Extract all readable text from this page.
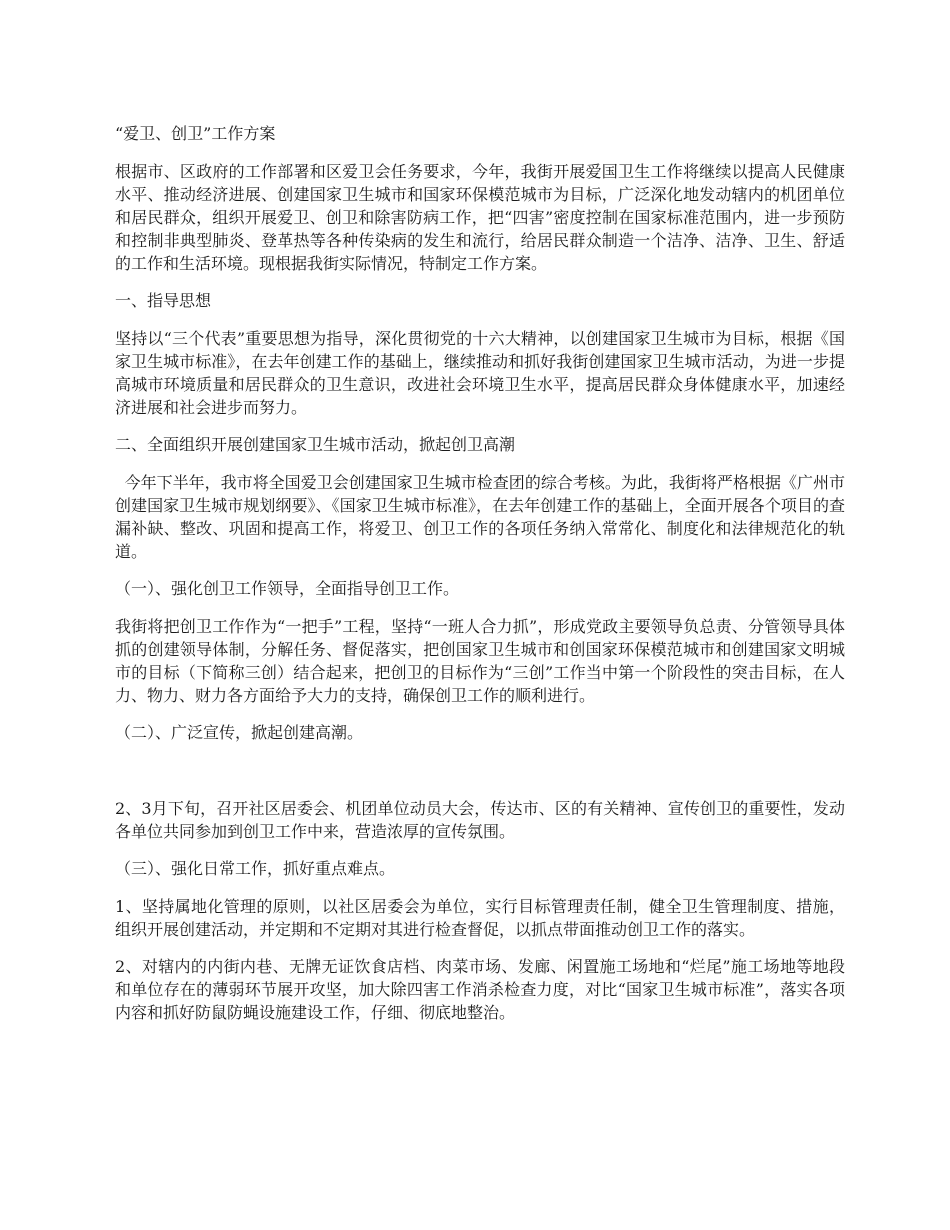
“爱卫、创卫”工作方案

根据市、区政府的工作部署和区爱卫会任务要求，今年，我街开展爱国卫生工作将继续以提高人民健康水平、推动经济进展、创建国家卫生城市和国家环保模范城市为目标，广泛深化地发动辖内的机团单位和居民群众，组织开展爱卫、创卫和除害防病工作，把“四害”密度控制在国家标准范围内，进一步预防和控制非典型肺炎、登革热等各种传染病的发生和流行，给居民群众制造一个洁净、洁净、卫生、舒适的工作和生活环境。现根据我街实际情况，特制定工作方案。

一、指导思想

坚持以“三个代表”重要思想为指导，深化贯彻党的十六大精神，以创建国家卫生城市为目标，根据《国家卫生城市标准》，在去年创建工作的基础上，继续推动和抓好我街创建国家卫生城市活动，为进一步提高城市环境质量和居民群众的卫生意识，改进社会环境卫生水平，提高居民群众身体健康水平，加速经济进展和社会进步而努力。

二、全面组织开展创建国家卫生城市活动，掀起创卫高潮

今年下半年，我市将全国爱卫会创建国家卫生城市检查团的综合考核。为此，我街将严格根据《广州市创建国家卫生城市规划纲要》、《国家卫生城市标准》，在去年创建工作的基础上，全面开展各个项目的查漏补缺、整改、巩固和提高工作，将爱卫、创卫工作的各项任务纳入常常化、制度化和法律规范化的轨道。

（一）、强化创卫工作领导，全面指导创卫工作。

我街将把创卫工作作为“一把手”工程，坚持“一班人合力抓”，形成党政主要领导负总责、分管领导具体抓的创建领导体制，分解任务、督促落实，把创国家卫生城市和创国家环保模范城市和创建国家文明城市的目标（下简称三创）结合起来，把创卫的目标作为“三创”工作当中第一个阶段性的突击目标，在人力、物力、财力各方面给予大力的支持，确保创卫工作的顺利进行。

（二）、广泛宣传，掀起创建高潮。

2、3月下旬，召开社区居委会、机团单位动员大会，传达市、区的有关精神、宣传创卫的重要性，发动各单位共同参加到创卫工作中来，营造浓厚的宣传氛围。

（三）、强化日常工作，抓好重点难点。

1、坚持属地化管理的原则，以社区居委会为单位，实行目标管理责任制，健全卫生管理制度、措施，组织开展创建活动，并定期和不定期对其进行检查督促，以抓点带面推动创卫工作的落实。

2、对辖内的内街内巷、无牌无证饮食店档、肉菜市场、发廊、闲置施工场地和“烂尾”施工场地等地段和单位存在的薄弱环节展开攻坚，加大除四害工作消杀检查力度，对比“国家卫生城市标准”，落实各项内容和抓好防鼠防蝇设施建设工作，仔细、彻底地整治。
